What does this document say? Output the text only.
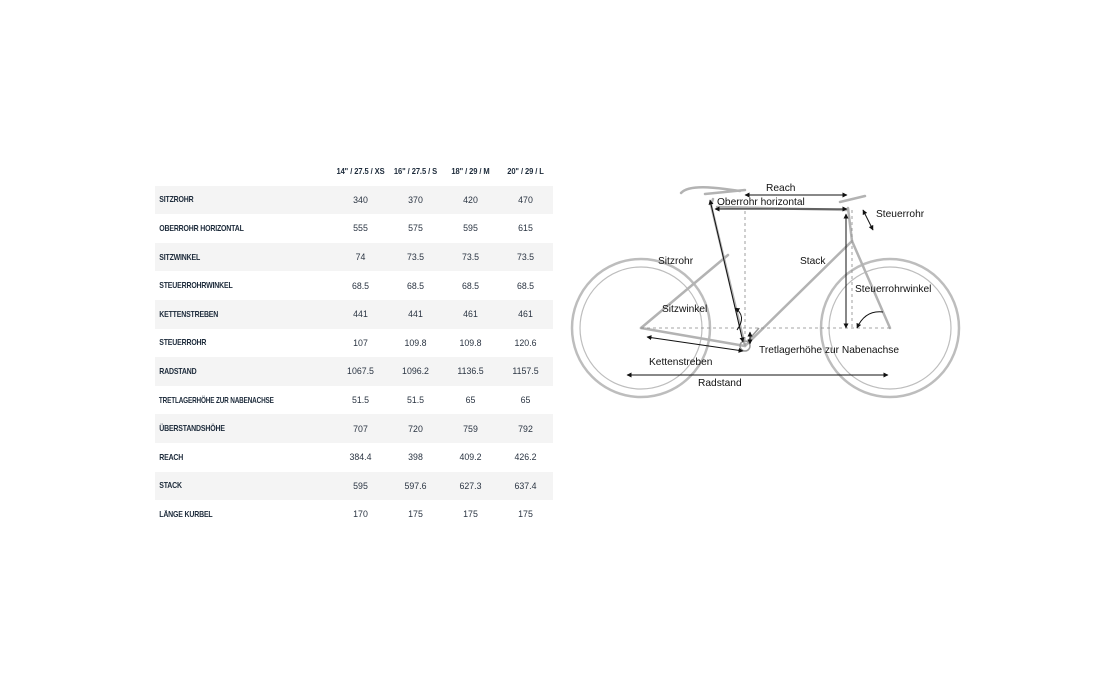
	14" / 27.5 / XS	16" / 27.5 / S	18" / 29 / M	20" / 29 / L
SITZROHR	340	370	420	470
OBERROHR HORIZONTAL	555	575	595	615
SITZWINKEL	74	73.5	73.5	73.5
STEUERROHRWINKEL	68.5	68.5	68.5	68.5
KETTENSTREBEN	441	441	461	461
STEUERROHR	107	109.8	109.8	120.6
RADSTAND	1067.5	1096.2	1136.5	1157.5
TRETLAGERHÖHE ZUR NABENACHSE	51.5	51.5	65	65
ÜBERSTANDSHÖHE	707	720	759	792
REACH	384.4	398	409.2	426.2
STACK	595	597.6	627.3	637.4
LÄNGE KURBEL	170	175	175	175
Reach
Oberrohr horizontal
Steuerrohr
Sitzrohr	Stack
Steuerrohrwinkel
Sitzwinkel
Tretlagerhöhe zur Nabenachse
Kettenstreben
Radstand
